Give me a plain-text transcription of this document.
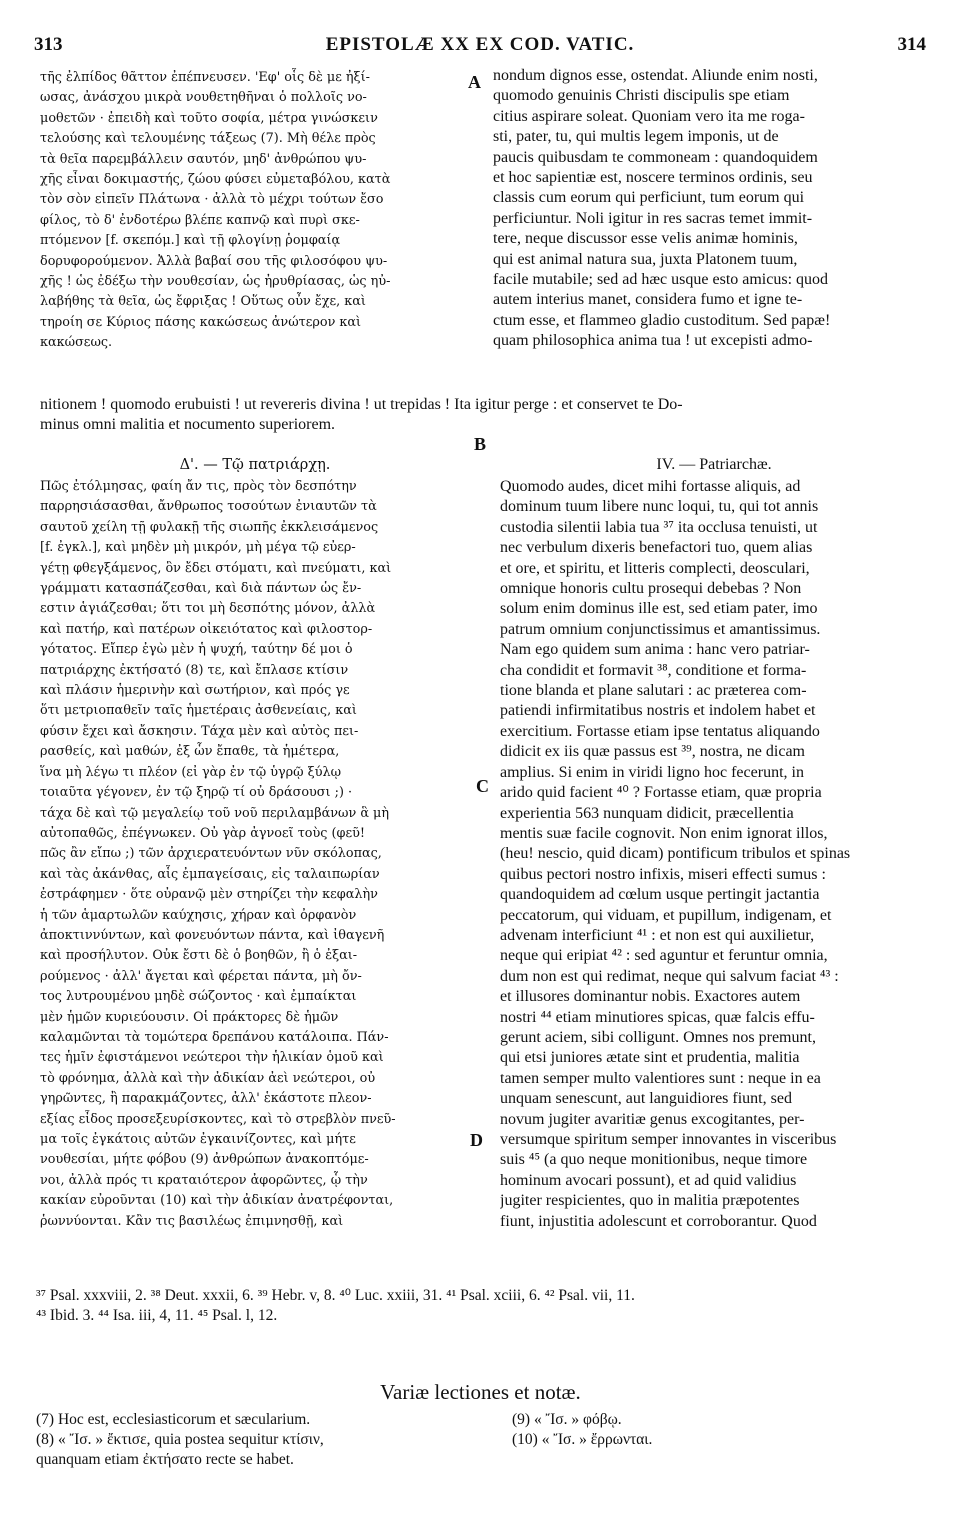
313	EPISTOLÆ XX EX COD. VATIC.	314
A
B
C
D
τῆς ἐλπίδος θᾶττον ἐπέπνευσεν. 'Εφ' οἷς δὲ με ἠξί-
ωσας, ἀνάσχου μικρὰ νουθετηθῆναι ὁ πολλοῖς νο-
μοθετῶν · ἐπειδὴ καὶ τοῦτο σοφία, μέτρα γινώσκειν
τελούσης καὶ τελουμένης τάξεως (7). Μὴ θέλε πρὸς
τὰ θεῖα παρεμβάλλειν σαυτόν, μηδ' ἀνθρώπου ψυ-
χῆς εἶναι δοκιμαστής, ζώου φύσει εὐμεταβόλου, κατὰ
τὸν σὸν εἰπεῖν Πλάτωνα · ἀλλὰ τὸ μέχρι τούτων ἔσο
φίλος, τὸ δ' ἐνδοτέρω βλέπε καπνῷ καὶ πυρὶ σκε-
πτόμενον [f. σκεπόμ.] καὶ τῇ φλογίνῃ ῥομφαίᾳ
δορυφορούμενον. Ἀλλὰ βαβαί σου τῆς φιλοσόφου ψυ-
χῆς ! ὡς ἐδέξω τὴν νουθεσίαν, ὡς ἠρυθρίασας, ὡς ηὐ-
λαβήθης τὰ θεῖα, ὡς ἔφριξας ! Οὕτως οὖν ἔχε, καὶ
τηροίη σε Κύριος πάσης κακώσεως ἀνώτερον καὶ
κακώσεως.
nondum dignos esse, ostendat. Aliunde enim nosti,
quomodo genuinis Christi discipulis spe etiam
citius aspirare soleat. Quoniam vero ita me roga-
sti, pater, tu, qui multis legem imponis, ut de
paucis quibusdam te commoneam : quandoquidem
et hoc sapientiæ est, noscere terminos ordinis, seu
classis cum eorum qui perficiunt, tum eorum qui
perficiuntur. Noli igitur in res sacras temet immit-
tere, neque discussor esse velis animæ hominis,
qui est animal natura sua, juxta Platonem tuum,
facile mutabile; sed ad hæc usque esto amicus: quod
autem interius manet, considera fumo et igne te-
ctum esse, et flammeo gladio custoditum. Sed papæ!
quam philosophica anima tua ! ut excepisti admo-
nitionem ! quomodo erubuisti ! ut revereris divina ! ut trepidas ! Ita igitur perge : et conservet te Do-
minus omni malitia et nocumento superiorem.
Δ'. — Τῷ πατριάρχῃ.
Πῶς ἐτόλμησας, φαίη ἄν τις, πρὸς τὸν δεσπότην
παρρησιάσασθαι, ἄνθρωπος τοσούτων ἐνιαυτῶν τὰ
σαυτοῦ χείλη τῇ φυλακῇ τῆς σιωπῆς ἐκκλεισάμενος
[f. ἐγκλ.], καὶ μηδὲν μὴ μικρόν, μὴ μέγα τῷ εὐερ-
γέτῃ φθεγξάμενος, ὃν ἔδει στόματι, καὶ πνεύματι, καὶ
γράμματι κατασπάζεσθαι, καὶ διὰ πάντων ὡς ἔν-
εστιν ἁγιάζεσθαι; ὅτι τοι μὴ δεσπότης μόνον, ἀλλὰ
καὶ πατήρ, καὶ πατέρων οἰκειότατος καὶ φιλοστορ-
γότατος. Εἴπερ ἐγὼ μὲν ἡ ψυχή, ταύτην δέ μοι ὁ
πατριάρχης ἐκτήσατό (8) τε, καὶ ἔπλασε κτίσιν
καὶ πλάσιν ἡμερινὴν καὶ σωτήριον, καὶ πρός γε
ὅτι μετριοπαθεῖν ταῖς ἡμετέραις ἀσθενείαις, καὶ
φύσιν ἔχει καὶ ἄσκησιν. Τάχα μὲν καὶ αὐτὸς πει-
ρασθείς, καὶ μαθών, ἐξ ὧν ἔπαθε, τὰ ἡμέτερα,
ἵνα μὴ λέγω τι πλέον (εἰ γὰρ ἐν τῷ ὑγρῷ ξύλῳ
τοιαῦτα γέγονεν, ἐν τῷ ξηρῷ τί οὐ δράσουσι ;) ·
τάχα δὲ καὶ τῷ μεγαλείῳ τοῦ νοῦ περιλαμβάνων ἃ μὴ
αὐτοπαθῶς, ἐπέγνωκεν. Οὐ γὰρ ἀγνοεῖ τοὺς (φεῦ!
πῶς ἂν εἴπω ;) τῶν ἀρχιερατευόντων νῦν σκόλοπας,
καὶ τὰς ἀκάνθας, αἷς ἐμπαγείσαις, εἰς ταλαιπωρίαν
ἐστράφημεν · ὅτε οὐρανῷ μὲν στηρίζει τὴν κεφαλὴν
ἡ τῶν ἁμαρτωλῶν καύχησις, χήραν καὶ ὀρφανὸν
ἀποκτιννύντων, καὶ φονευόντων πάντα, καὶ ἰθαγενῆ
καὶ προσήλυτον. Οὐκ ἔστι δὲ ὁ βοηθῶν, ἢ ὁ ἐξαι-
ρούμενος · ἀλλ' ἄγεται καὶ φέρεται πάντα, μὴ ὄν-
τος λυτρουμένου μηδὲ σώζοντος · καὶ ἐμπαίκται
μὲν ἡμῶν κυριεύουσιν. Οἱ πράκτορες δὲ ἡμῶν
καλαμῶνται τὰ τομώτερα δρεπάνου κατάλοιπα. Πάν-
τες ἡμῖν ἐφιστάμενοι νεώτεροι τὴν ἡλικίαν ὁμοῦ καὶ
τὸ φρόνημα, ἀλλὰ καὶ τὴν ἀδικίαν ἀεὶ νεώτεροι, οὐ
γηρῶντες, ἢ παρακμάζοντες, ἀλλ' ἑκάστοτε πλεον-
εξίας εἶδος προσεξευρίσκοντες, καὶ τὸ στρεβλὸν πνεῦ-
μα τοῖς ἐγκάτοις αὐτῶν ἐγκαινίζοντες, καὶ μήτε
νουθεσίαι, μήτε φόβου (9) ἀνθρώπων ἀνακοπτόμε-
νοι, ἀλλὰ πρός τι κραταιότερον ἀφορῶντες, ᾧ τὴν
κακίαν εὐροῦνται (10) καὶ τὴν ἀδικίαν ἀνατρέφονται,
ῥωννύονται. Κἂν τις βασιλέως ἐπιμνησθῇ, καὶ
IV. — Patriarchæ.
Quomodo audes, dicet mihi fortasse aliquis, ad
dominum tuum libere nunc loqui, tu, qui tot annis
custodia silentii labia tua ³⁷ ita occlusa tenuisti, ut
nec verbulum dixeris benefactori tuo, quem alias
et ore, et spiritu, et litteris complecti, deosculari,
omnique honoris cultu prosequi debebas ? Non
solum enim dominus ille est, sed etiam pater, imo
patrum omnium conjunctissimus et amantissimus.
Nam ego quidem sum anima : hanc vero patriar-
cha condidit et formavit ³⁸, conditione et forma-
tione blanda et plane salutari : ac præterea com-
patiendi infirmitatibus nostris et indolem habet et
exercitium. Fortasse etiam ipse tentatus aliquando
didicit ex iis quæ passus est ³⁹, nostra, ne dicam
amplius. Si enim in viridi ligno hoc fecerunt, in
arido quid facient ⁴⁰ ? Fortasse etiam, quæ propria
experientia 563 nunquam didicit, præcellentia
mentis suæ facile cognovit. Non enim ignorat illos,
(heu! nescio, quid dicam) pontificum tribulos et spinas
quibus pectori nostro infixis, miseri effecti sumus :
quandoquidem ad cœlum usque pertingit jactantia
peccatorum, qui viduam, et pupillum, indigenam, et
advenam interficiunt ⁴¹ : et non est qui auxilietur,
neque qui eripiat ⁴² : sed aguntur et feruntur omnia,
dum non est qui redimat, neque qui salvum faciat ⁴³ :
et illusores dominantur nobis. Exactores autem
nostri ⁴⁴ etiam minutiores spicas, quæ falcis effu-
gerunt aciem, sibi colligunt. Omnes nos premunt,
qui etsi juniores ætate sint et prudentia, malitia
tamen semper multo valentiores sunt : neque in ea
unquam senescunt, aut languidiores fiunt, sed
novum jugiter avaritiæ genus excogitantes, per-
versumque spiritum semper innovantes in visceribus
suis ⁴⁵ (a quo neque monitionibus, neque timore
hominum avocari possunt), et ad quid validius
jugiter respicientes, quo in malitia præpotentes
fiunt, injustitia adolescunt et corroborantur. Quod
³⁷ Psal. xxxviii, 2. ³⁸ Deut. xxxii, 6. ³⁹ Hebr. v, 8. ⁴⁰ Luc. xxiii, 31. ⁴¹ Psal. xciii, 6. ⁴² Psal. vii, 11.
⁴³ Ibid. 3. ⁴⁴ Isa. iii, 4, 11. ⁴⁵ Psal. l, 12.
Variæ lectiones et notæ.
(7) Hoc est, ecclesiasticorum et sæcularium.
(8) « Ἴσ. » ἔκτισε, quia postea sequitur κτίσιν,
quanquam etiam ἐκτήσατο recte se habet.
(9) « Ἴσ. » φόβῳ.
(10) « Ἴσ. » ἔρρωνται.
